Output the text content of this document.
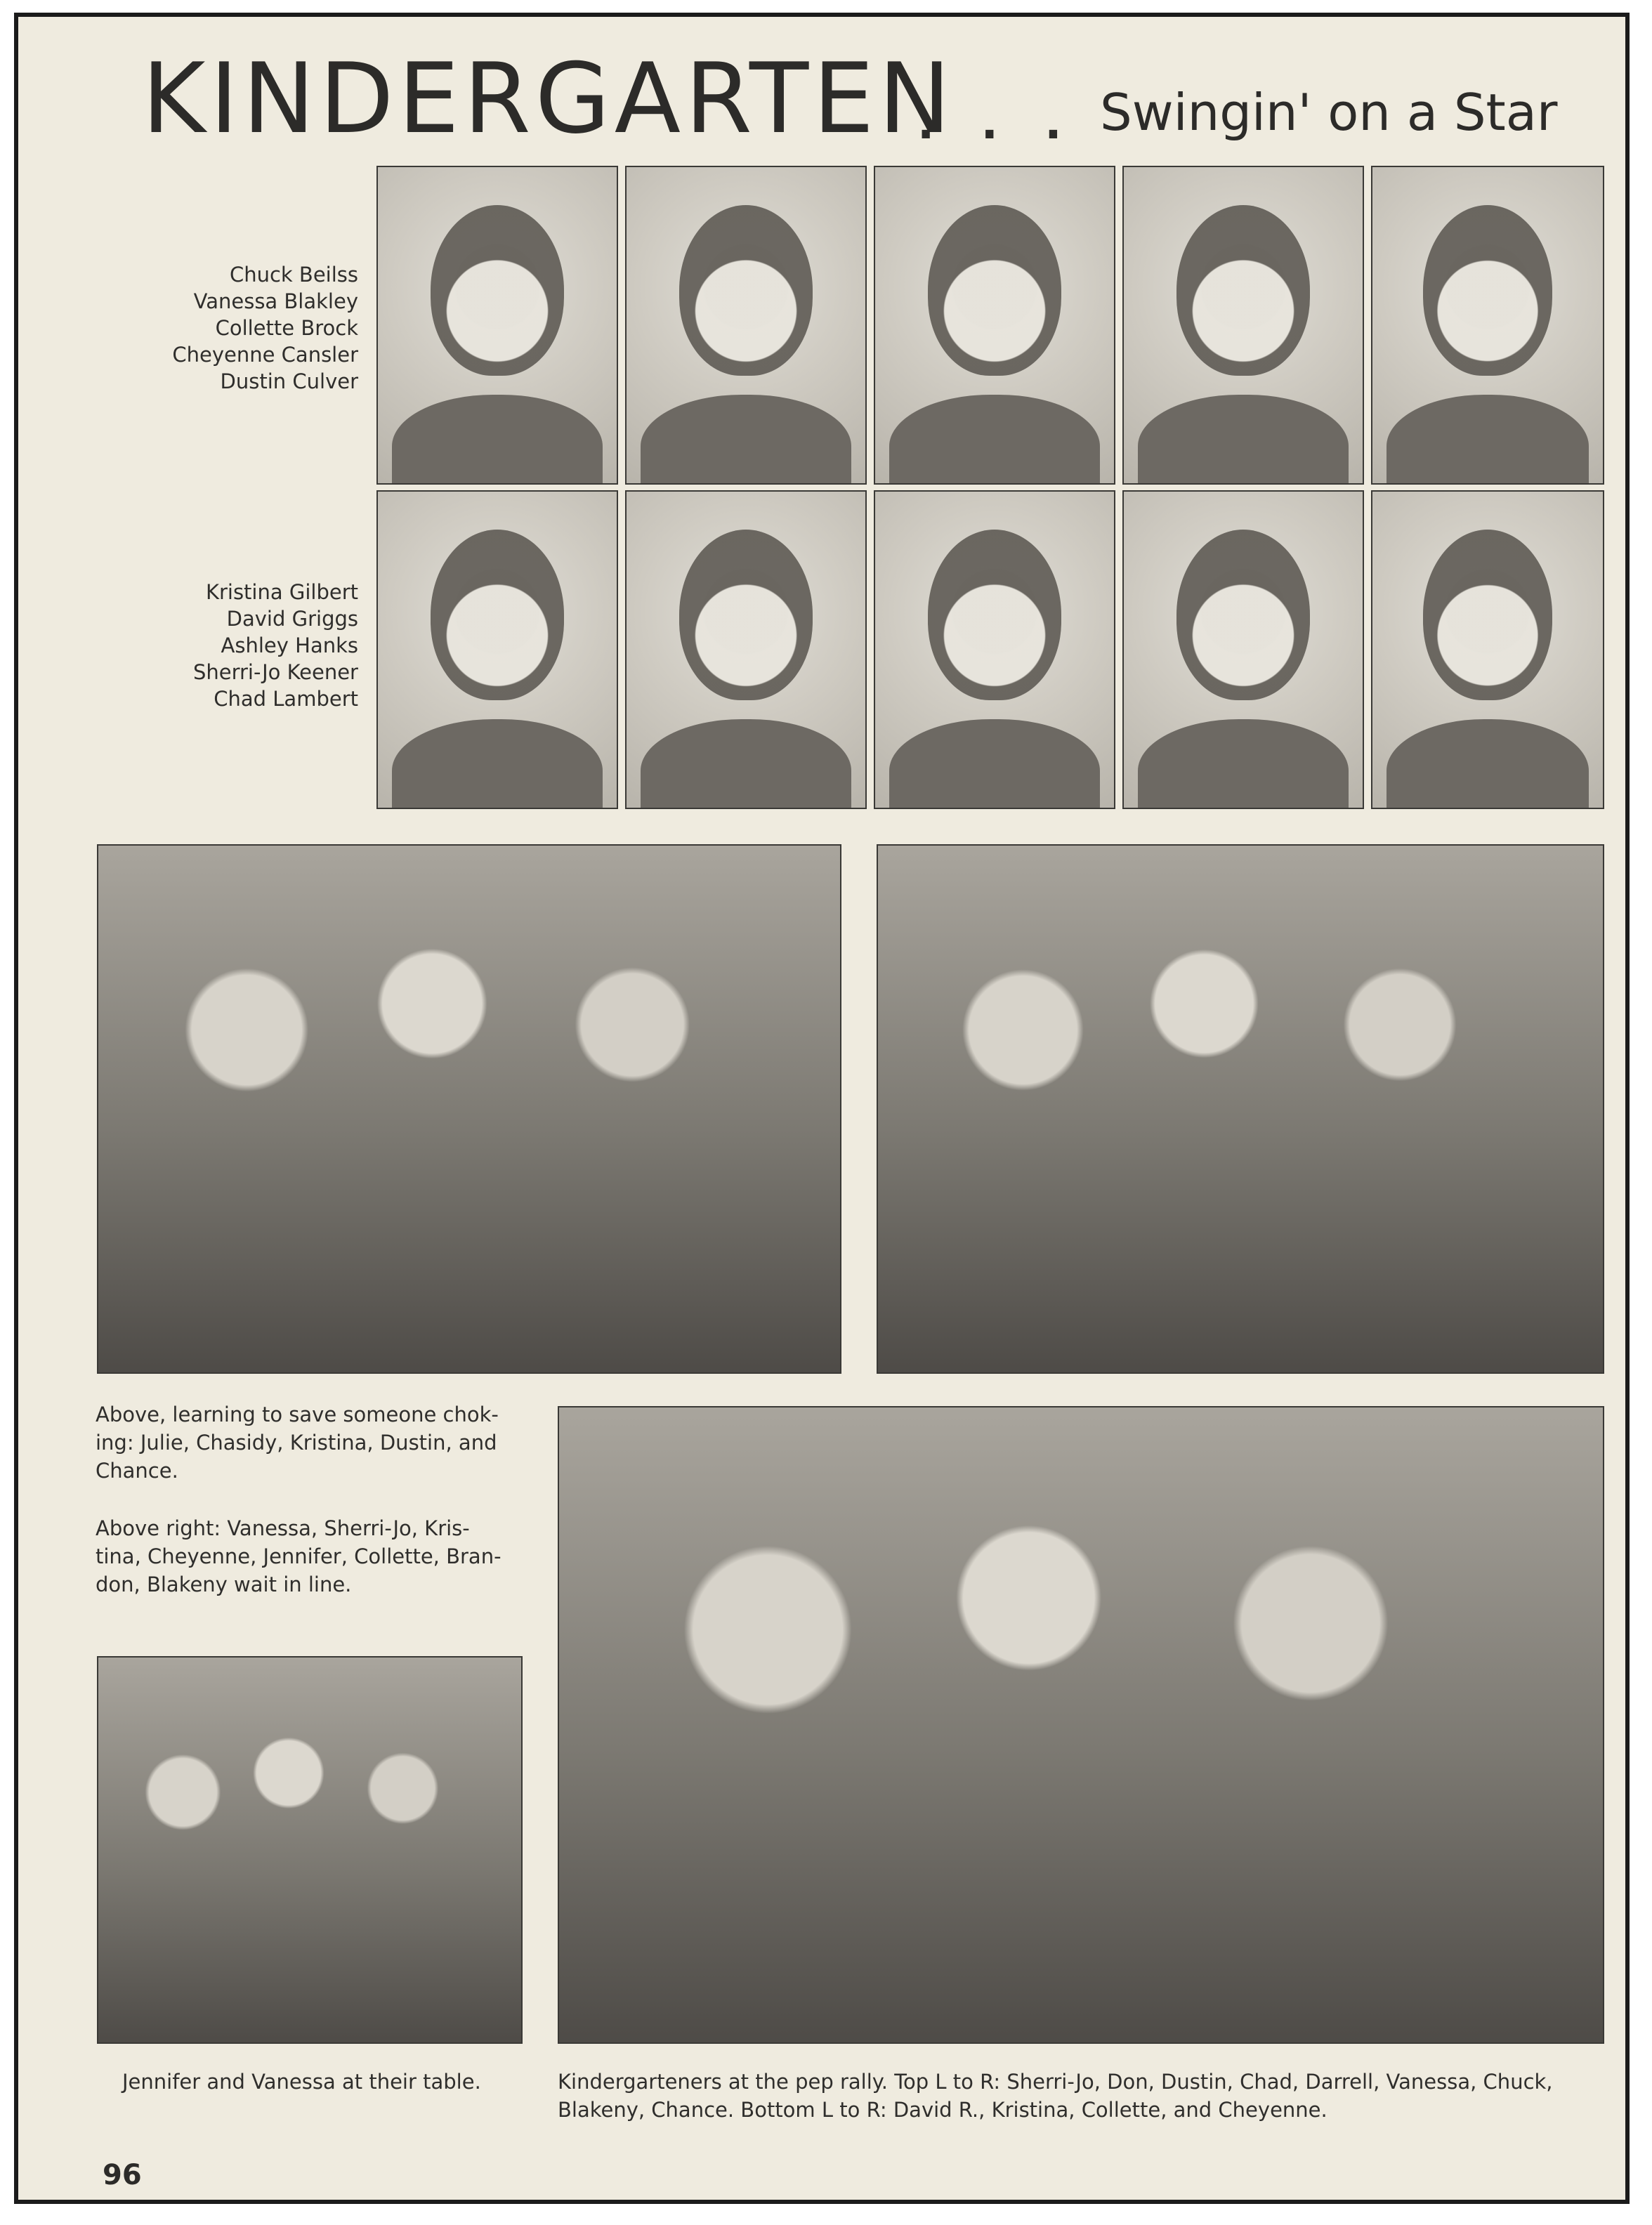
KINDERGARTEN
. . . Swingin' on a Star
Chuck Beilss
Vanessa Blakley
Collette Brock
Cheyenne Cansler
Dustin Culver
Kristina Gilbert
David Griggs
Ashley Hanks
Sherri-Jo Keener
Chad Lambert
Above, learning to save someone chok-
ing: Julie, Chasidy, Kristina, Dustin, and
Chance.
Above right: Vanessa, Sherri-Jo, Kris-
tina, Cheyenne, Jennifer, Collette, Bran-
don, Blakeny wait in line.
Jennifer and Vanessa at their table.	Kindergarteners at the pep rally. Top L to R: Sherri-Jo, Don, Dustin, Chad, Darrell, Vanessa, Chuck,
Blakeny, Chance. Bottom L to R: David R., Kristina, Collette, and Cheyenne.
96
